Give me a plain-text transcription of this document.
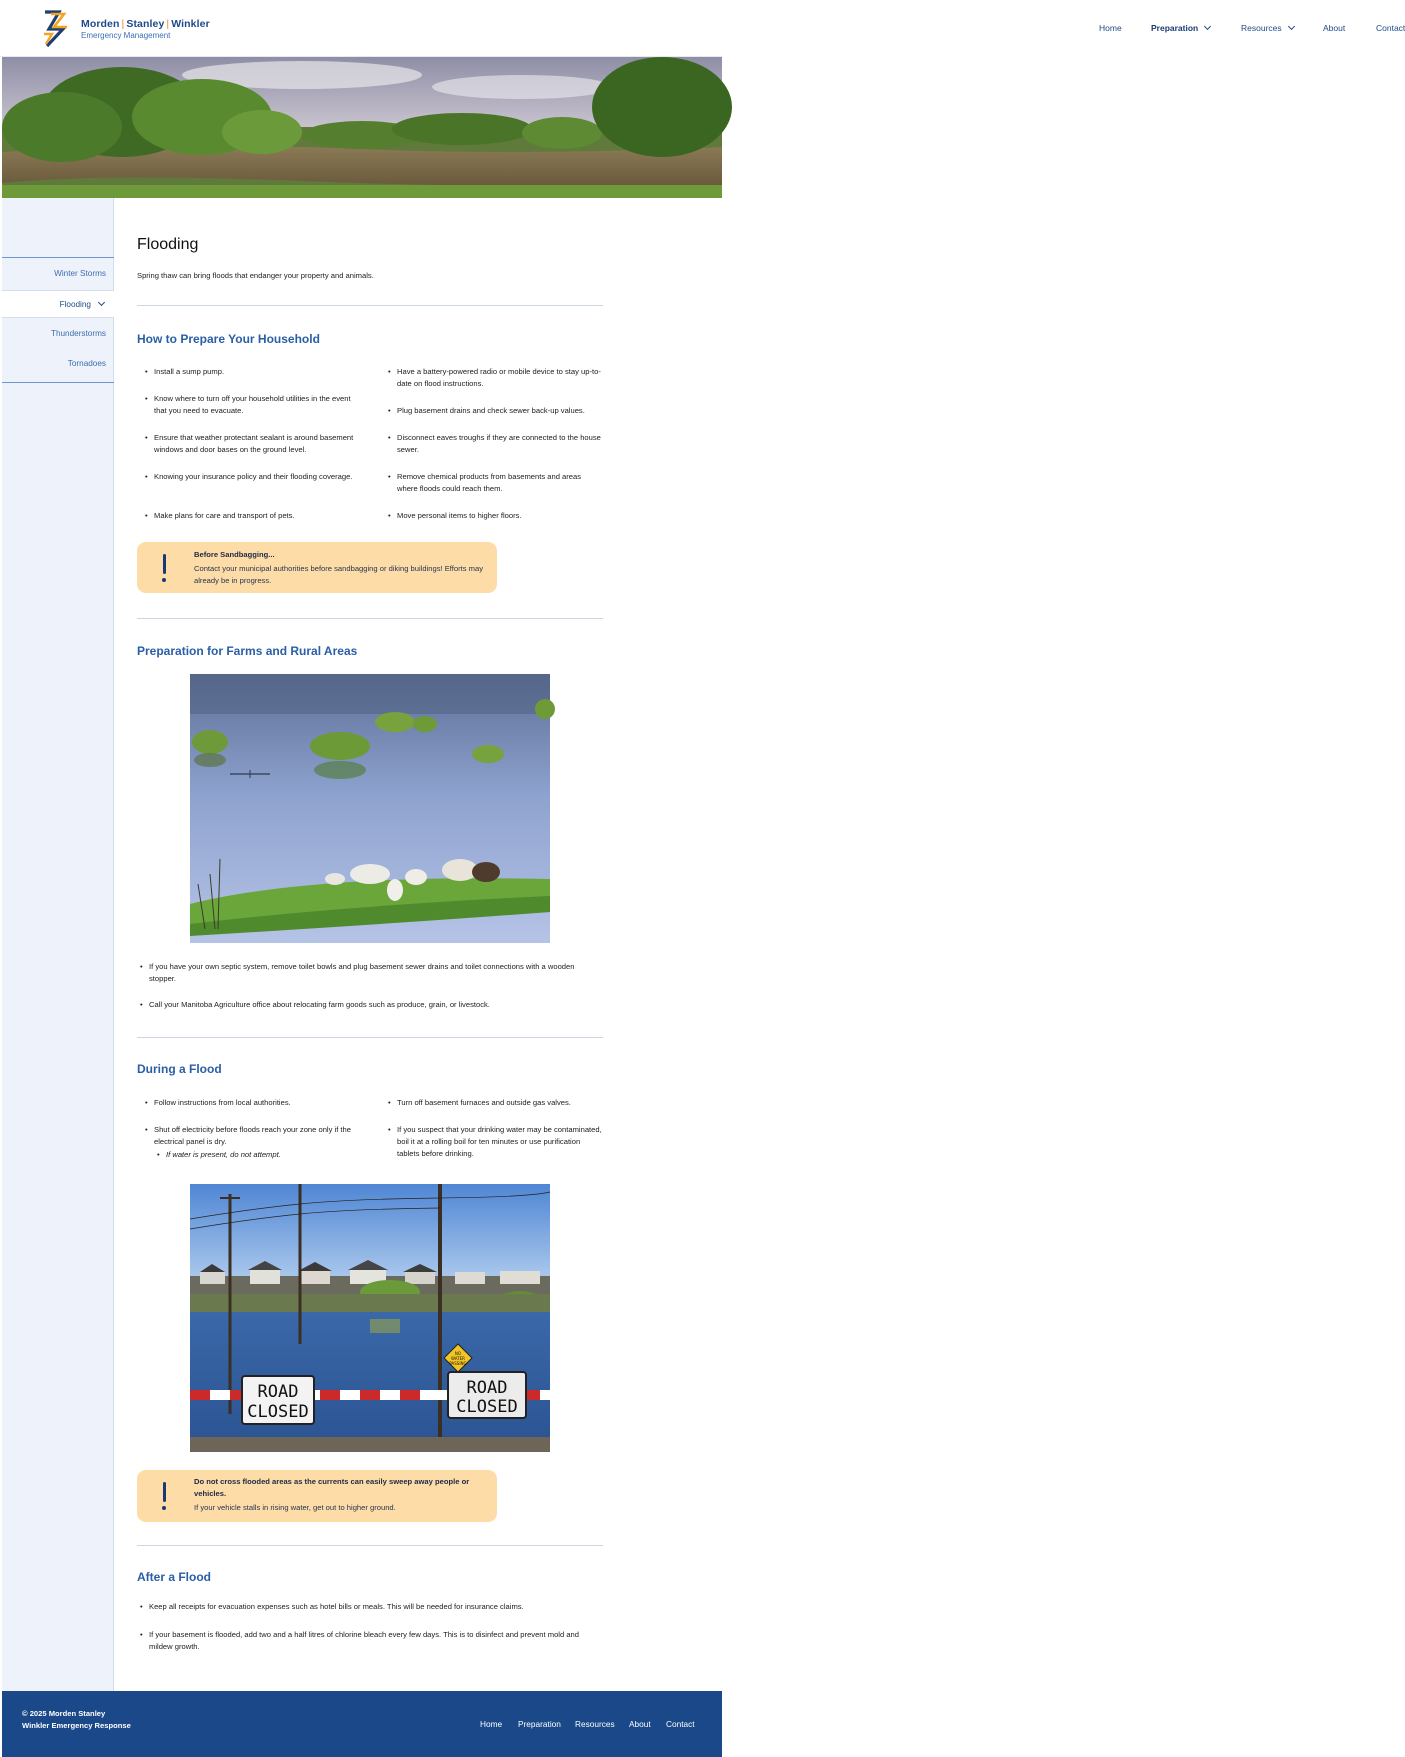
Morden | Stanley | Winkler
Emergency Management
Home	Preparation	Resources	About	Contact
Winter Storms
Flooding
Thunderstorms
Tornadoes
Flooding

Spring thaw can bring floods that endanger your property and animals.

How to Prepare Your Household
• Install a sump pump.
• Know where to turn off your household utilities in the event that you need to evacuate.
• Ensure that weather protectant sealant is around basement windows and door bases on the ground level.
• Knowing your insurance policy and their flooding coverage.
• Make plans for care and transport of pets.
• Have a battery-powered radio or mobile device to stay up-to-date on flood instructions.
• Plug basement drains and check sewer back-up values.
• Disconnect eaves troughs if they are connected to the house sewer.
• Remove chemical products from basements and areas where floods could reach them.
• Move personal items to higher floors.
Before Sandbagging...
Contact your municipal authorities before sandbagging or diking buildings! Efforts may already be in progress.
Preparation for Farms and Rural Areas
• If you have your own septic system, remove toilet bowls and plug basement sewer drains and toilet connections with a wooden stopper.
• Call your Manitoba Agriculture office about relocating farm goods such as produce, grain, or livestock.
During a Flood
• Follow instructions from local authorities.
• Shut off electricity before floods reach your zone only if the electrical panel is dry.
• If water is present, do not attempt.
• Turn off basement furnaces and outside gas valves.
• If you suspect that your drinking water may be contaminated, boil it at a rolling boil for ten minutes or use purification tablets before drinking.
ROAD
CLOSED
ROAD
CLOSED
NO
WATER
PASSING
Do not cross flooded areas as the currents can easily sweep away people or vehicles.
If your vehicle stalls in rising water, get out to higher ground.
After a Flood
• Keep all receipts for evacuation expenses such as hotel bills or meals. This will be needed for insurance claims.
• If your basement is flooded, add two and a half litres of chlorine bleach every few days. This is to disinfect and prevent mold and mildew growth.
© 2025 Morden Stanley Winkler Emergency Response	Home Preparation Resources About Contact
